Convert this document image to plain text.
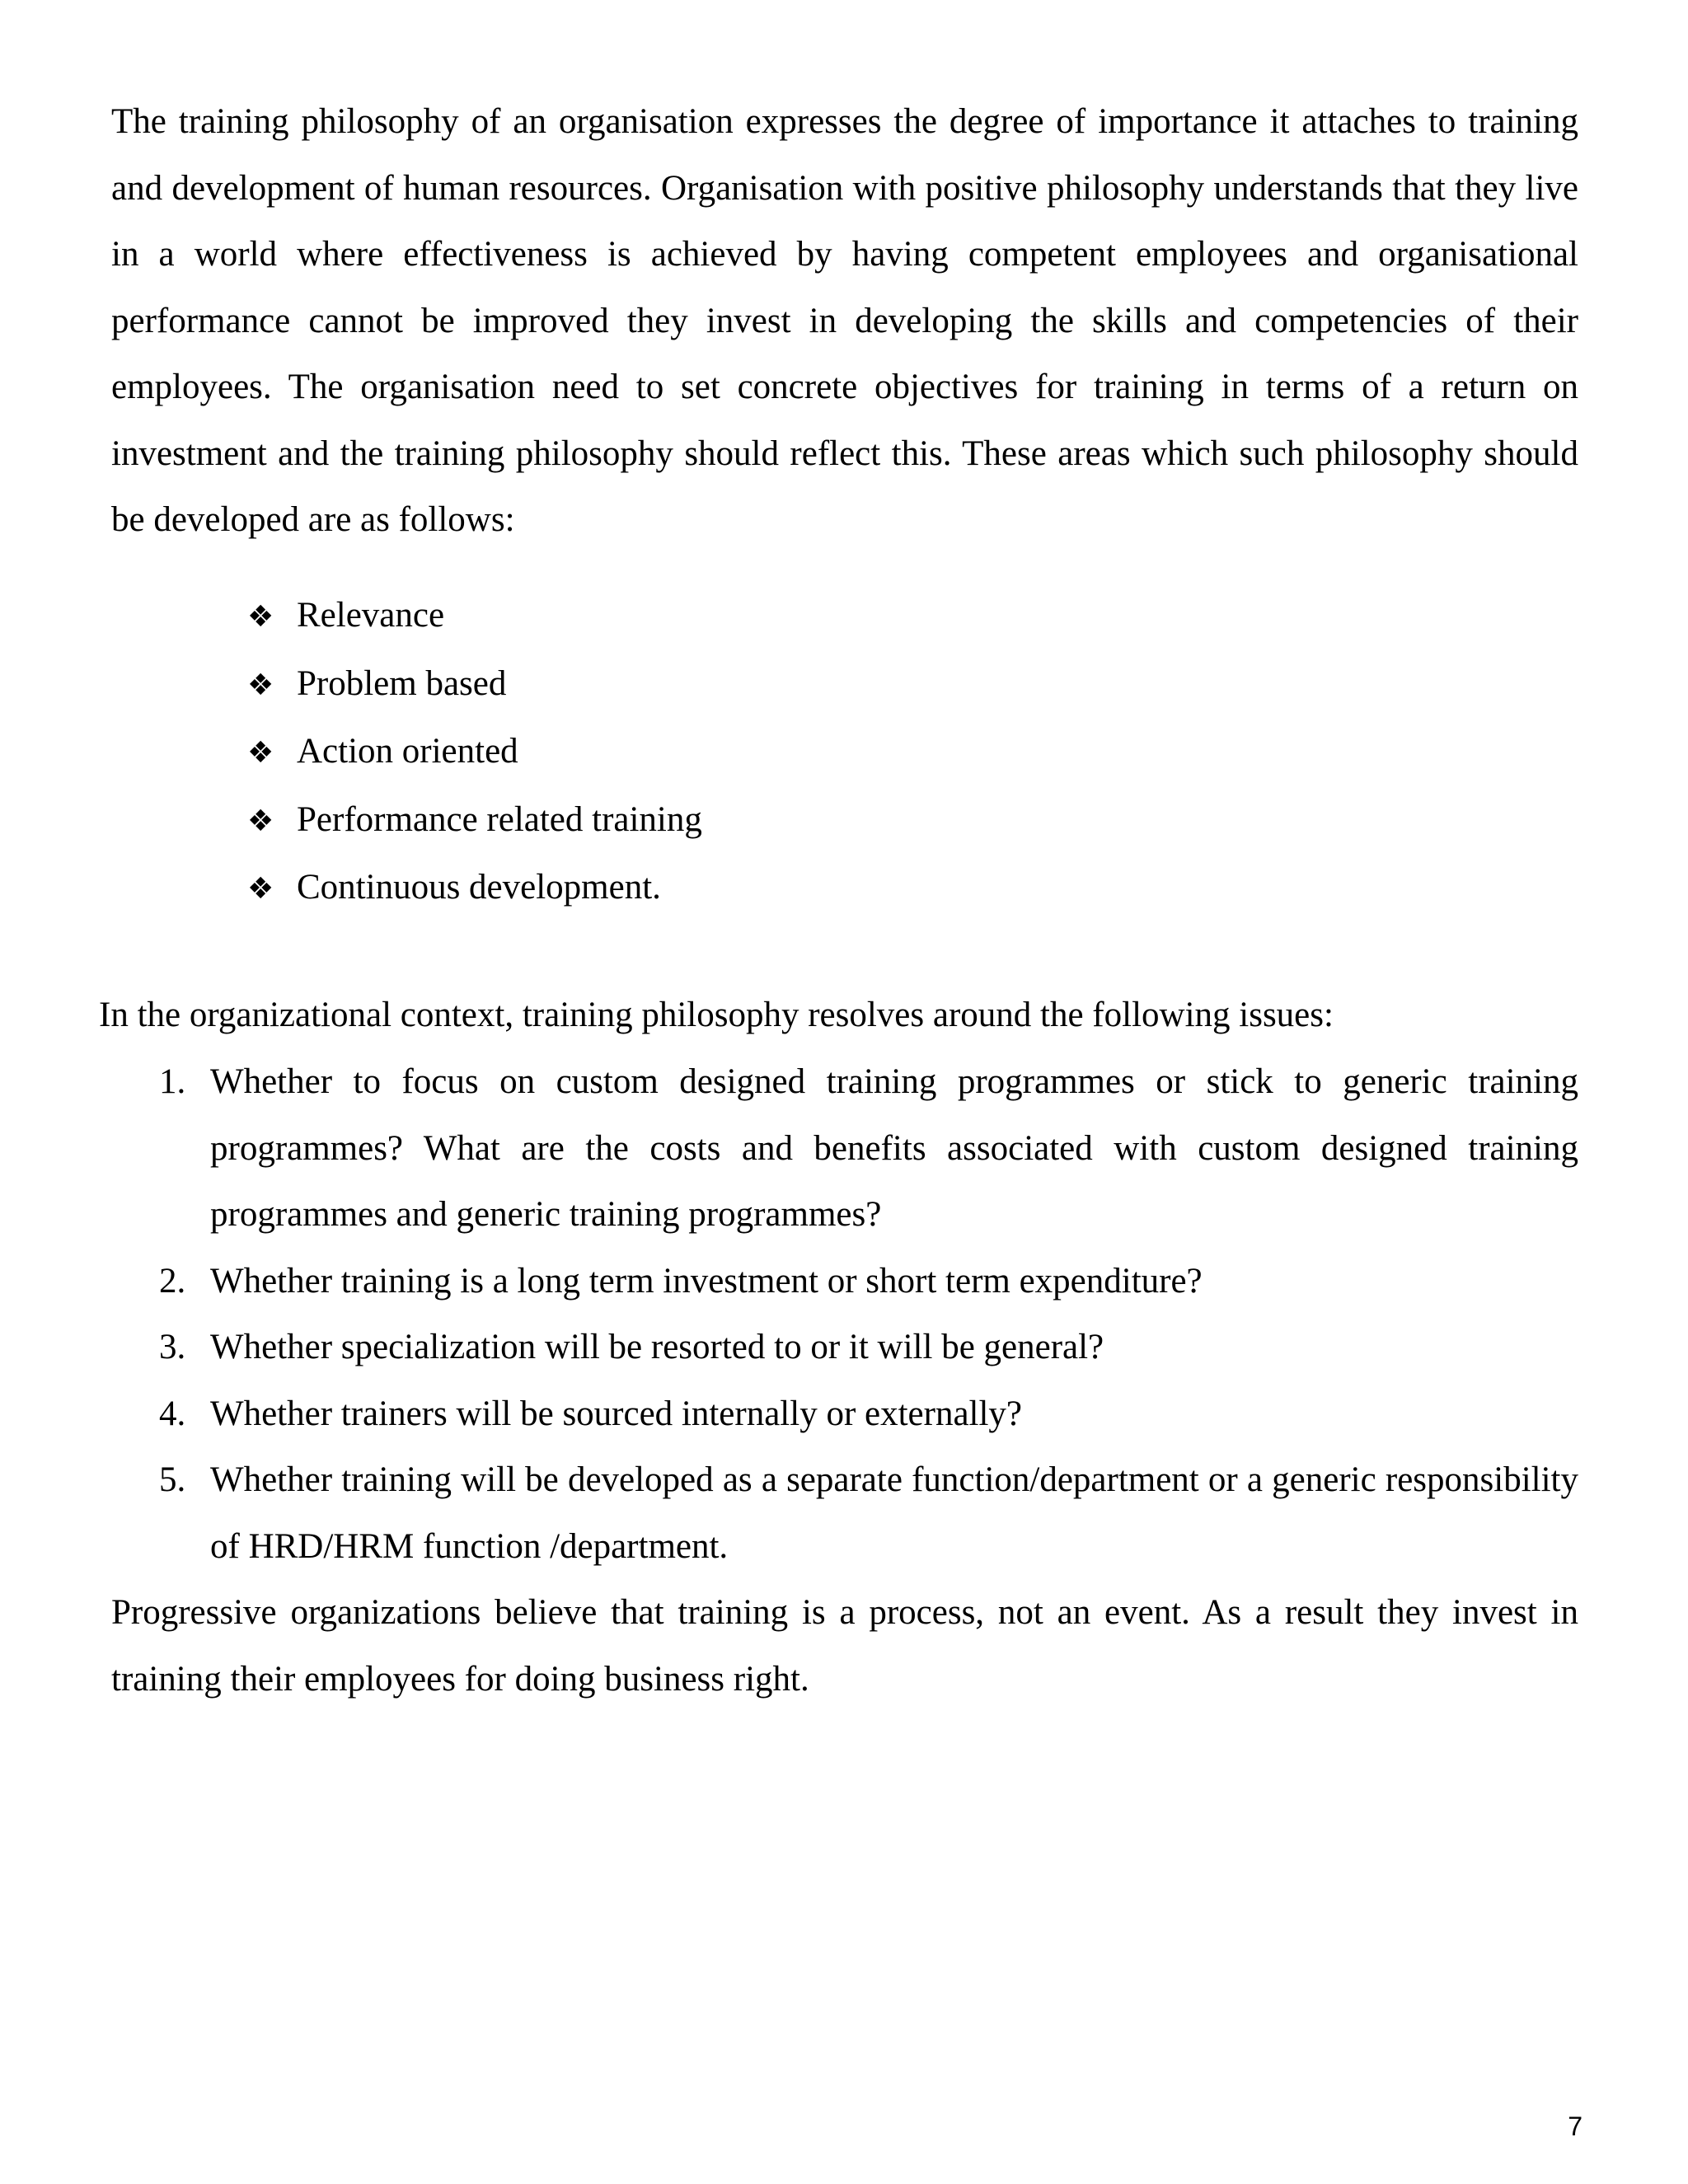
The training philosophy of an organisation expresses the degree of importance it attaches to training and development of human resources. Organisation with positive philosophy understands that they live in a world where effectiveness is achieved by having competent employees and organisational performance cannot be improved they invest in developing the skills and competencies of their employees. The organisation need to set concrete objectives for training in terms of a return on investment and the training philosophy should reflect this. These areas which such philosophy should be developed are as follows:

❖ Relevance
❖ Problem based
❖ Action oriented
❖ Performance related training
❖ Continuous development.

In the organizational context, training philosophy resolves around the following issues:

1. Whether to focus on custom designed training programmes or stick to generic training programmes? What are the costs and benefits associated with custom designed training programmes and generic training programmes?
2. Whether training is a long term investment or short term expenditure?
3. Whether specialization will be resorted to or it will be general?
4. Whether trainers will be sourced internally or externally?
5. Whether training will be developed as a separate function/department or a generic responsibility of HRD/HRM function /department.

Progressive organizations believe that training is a process, not an event. As a result they invest in training their employees for doing business right.

7
